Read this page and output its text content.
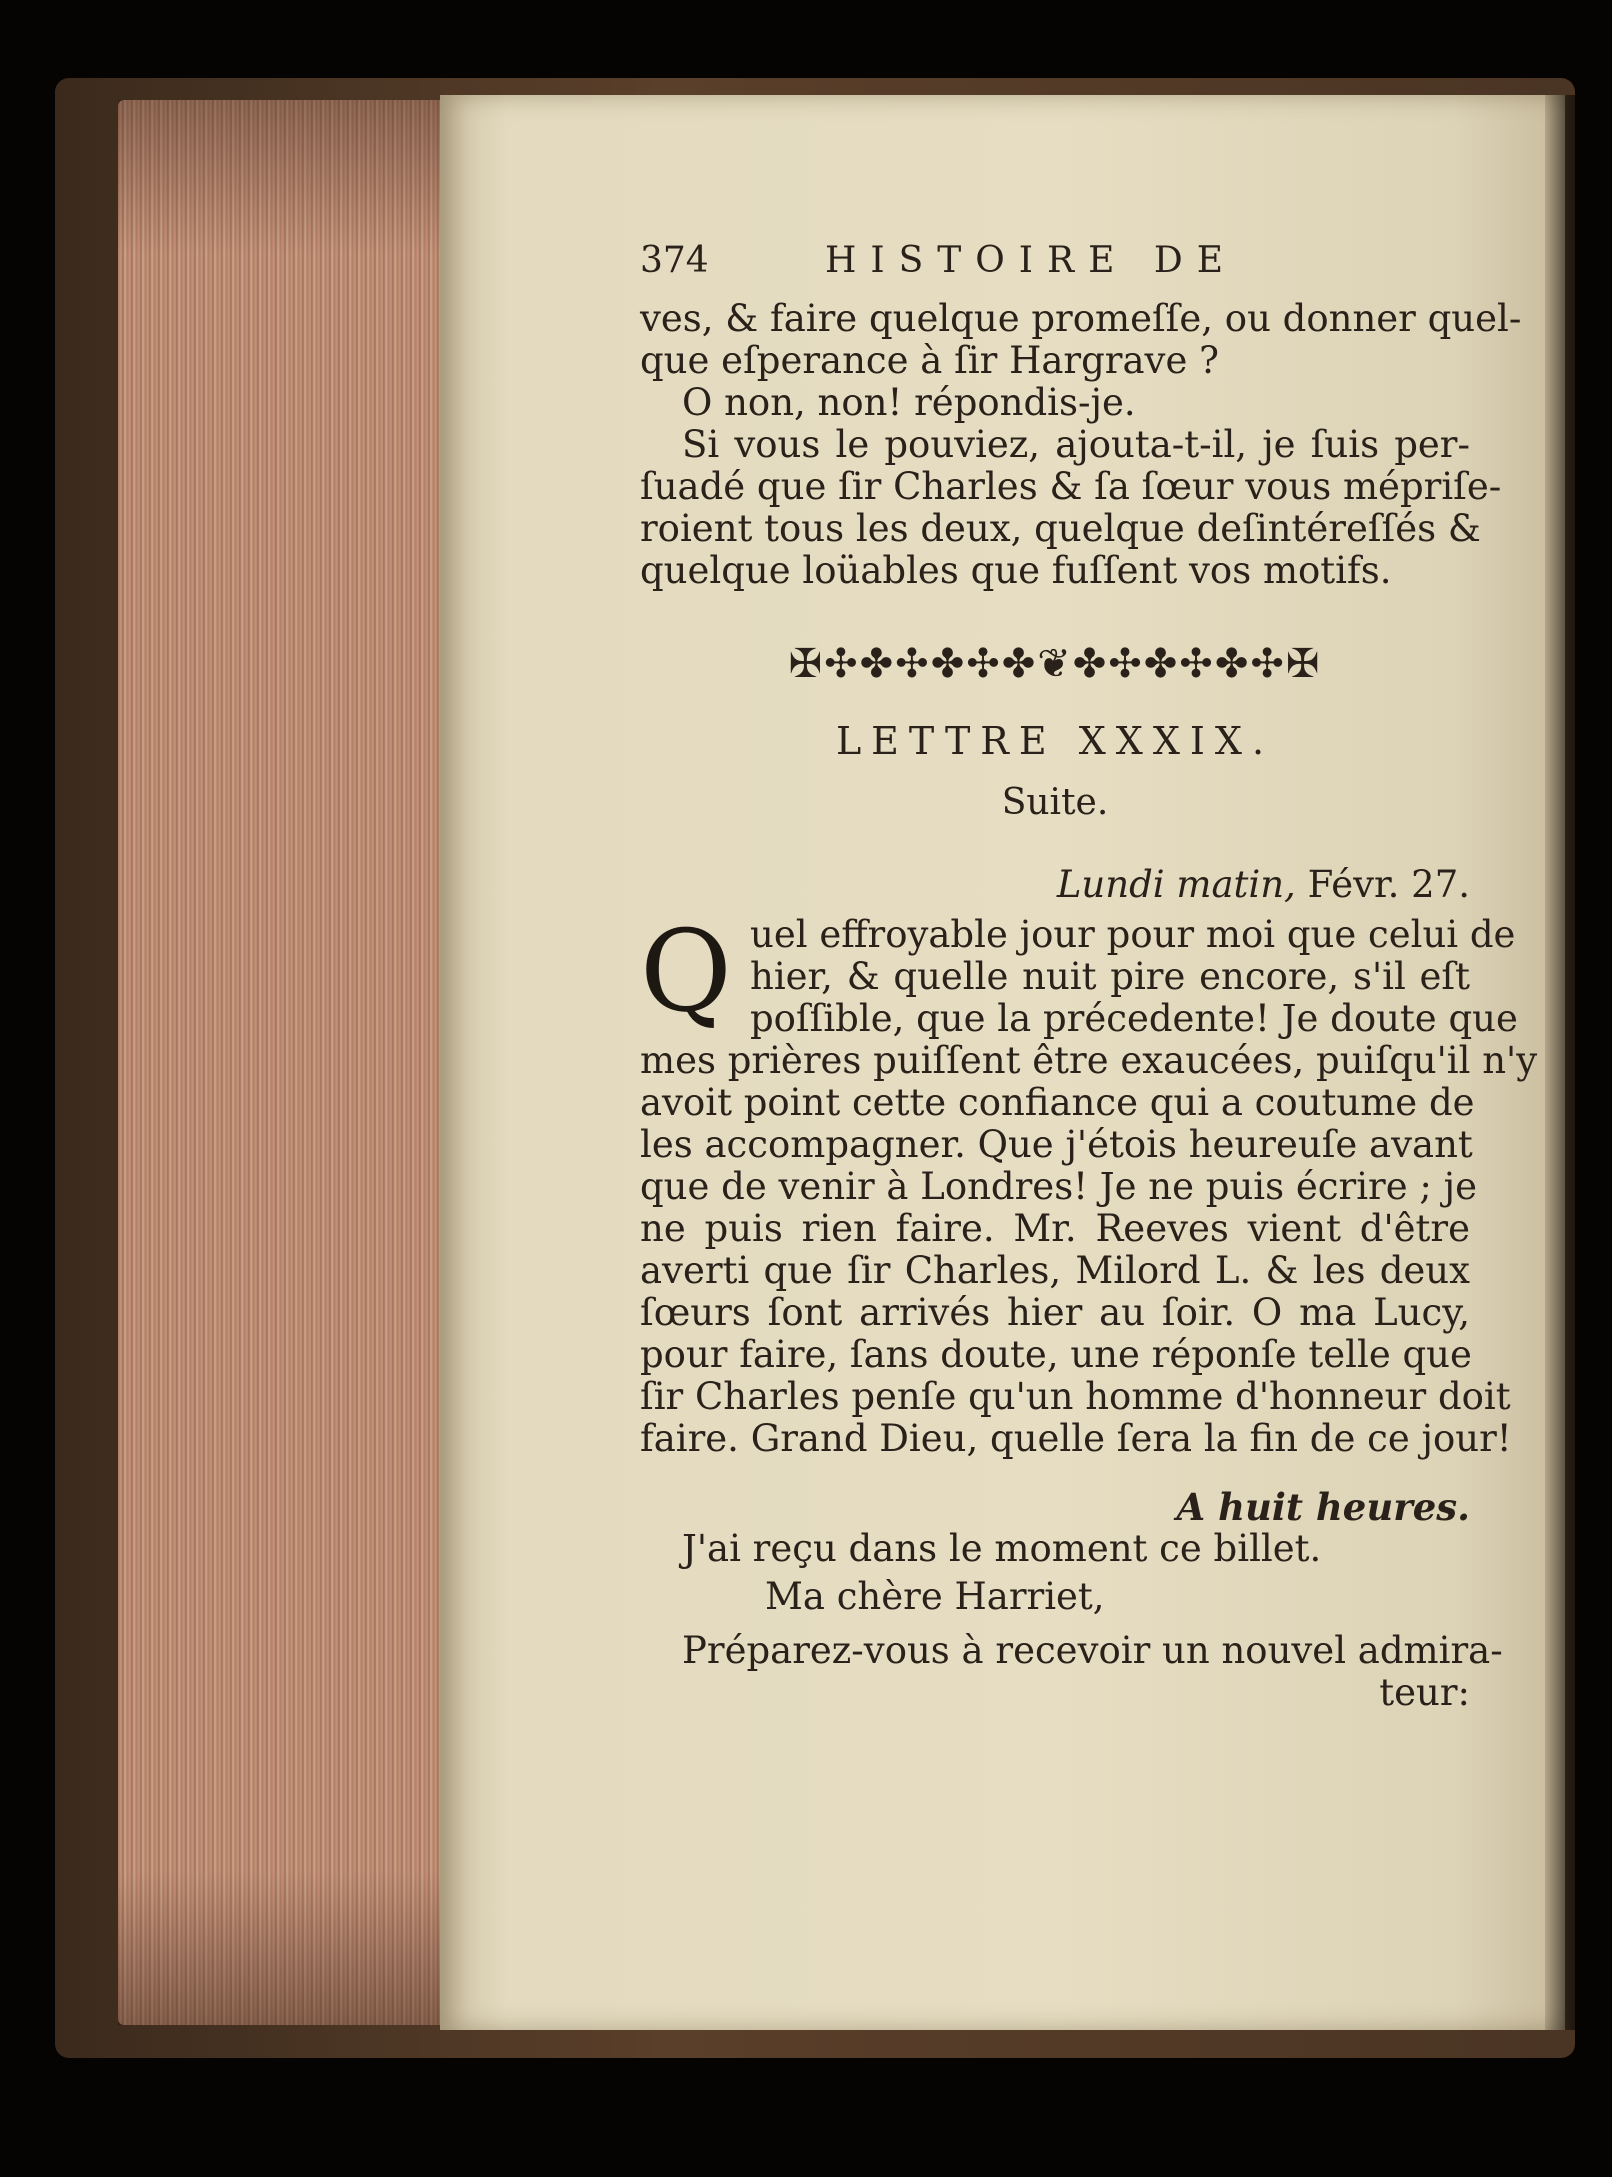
374	HISTOIRE DE
ves, & faire quelque promeſſe, ou donner quel-
que eſperance à ſir Hargrave ?
O non, non! répondis-je.
Si vous le pouviez, ajouta-t-il, je ſuis per-
ſuadé que ſir Charles & ſa ſœur vous mépriſe-
roient tous les deux, quelque deſintéreſſés &
quelque loüables que fuſſent vos motifs.
✠✣✤✣✤✣✤❦✤✣✤✣✤✣✠
LETTRE XXXIX.
Suite.
Lundi matin, Févr. 27.
Q uel effroyable jour pour moi que celui de
hier, & quelle nuit pire encore, s'il eſt
poſſible, que la précedente! Je doute que
mes prières puiſſent être exaucées, puiſqu'il n'y
avoit point cette confiance qui a coutume de
les accompagner. Que j'étois heureuſe avant
que de venir à Londres! Je ne puis écrire ; je
ne puis rien faire. Mr. Reeves vient d'être
averti que ſir Charles, Milord L. & les deux
ſœurs ſont arrivés hier au ſoir. O ma Lucy,
pour faire, ſans doute, une réponſe telle que
ſir Charles penſe qu'un homme d'honneur doit
faire. Grand Dieu, quelle ſera la fin de ce jour!
A huit heures.
J'ai reçu dans le moment ce billet.
Ma chère Harriet,
Préparez-vous à recevoir un nouvel admira-
teur:
